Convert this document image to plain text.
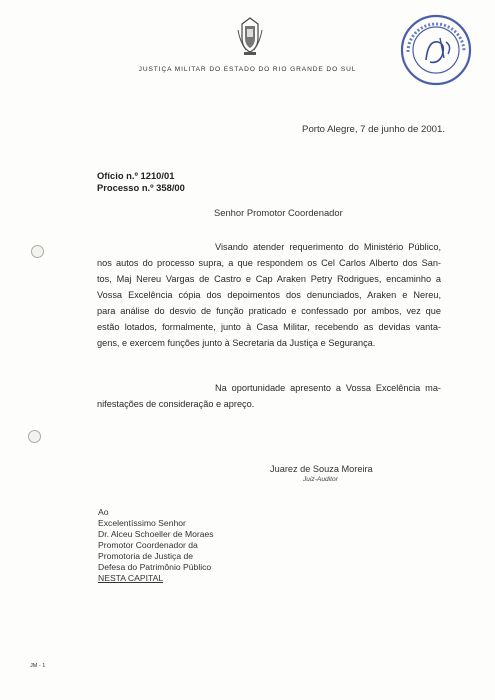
JUSTIÇA MILITAR DO ESTADO DO RIO GRANDE DO SUL
Porto Alegre, 7 de junho de 2001.
Ofício n.º 1210/01
Processo n.º 358/00
Senhor Promotor Coordenador
Visando atender requerimento do Ministério Público,
nos autos do processo supra, a que respondem os Cel Carlos Alberto dos San-
tos, Maj Nereu Vargas de Castro e Cap Araken Petry Rodrigues, encaminho a
Vossa Excelência cópia dos depoimentos dos denunciados, Araken e Nereu,
para análise do desvio de função praticado e confessado por ambos, vez que
estão lotados, formalmente, junto à Casa Militar, recebendo as devidas vanta-
gens, e exercem funções junto à Secretaria da Justiça e Segurança.
Na oportunidade apresento a Vossa Excelência ma-
nifestações de consideração e apreço.
Juarez de Souza Moreira
Juiz-Auditor
Ao
Excelentíssimo Senhor
Dr. Alceu Schoeller de Moraes
Promotor Coordenador da
Promotoria de Justiça de
Defesa do Patrimônio Público
NESTA CAPITAL
JM - 1
